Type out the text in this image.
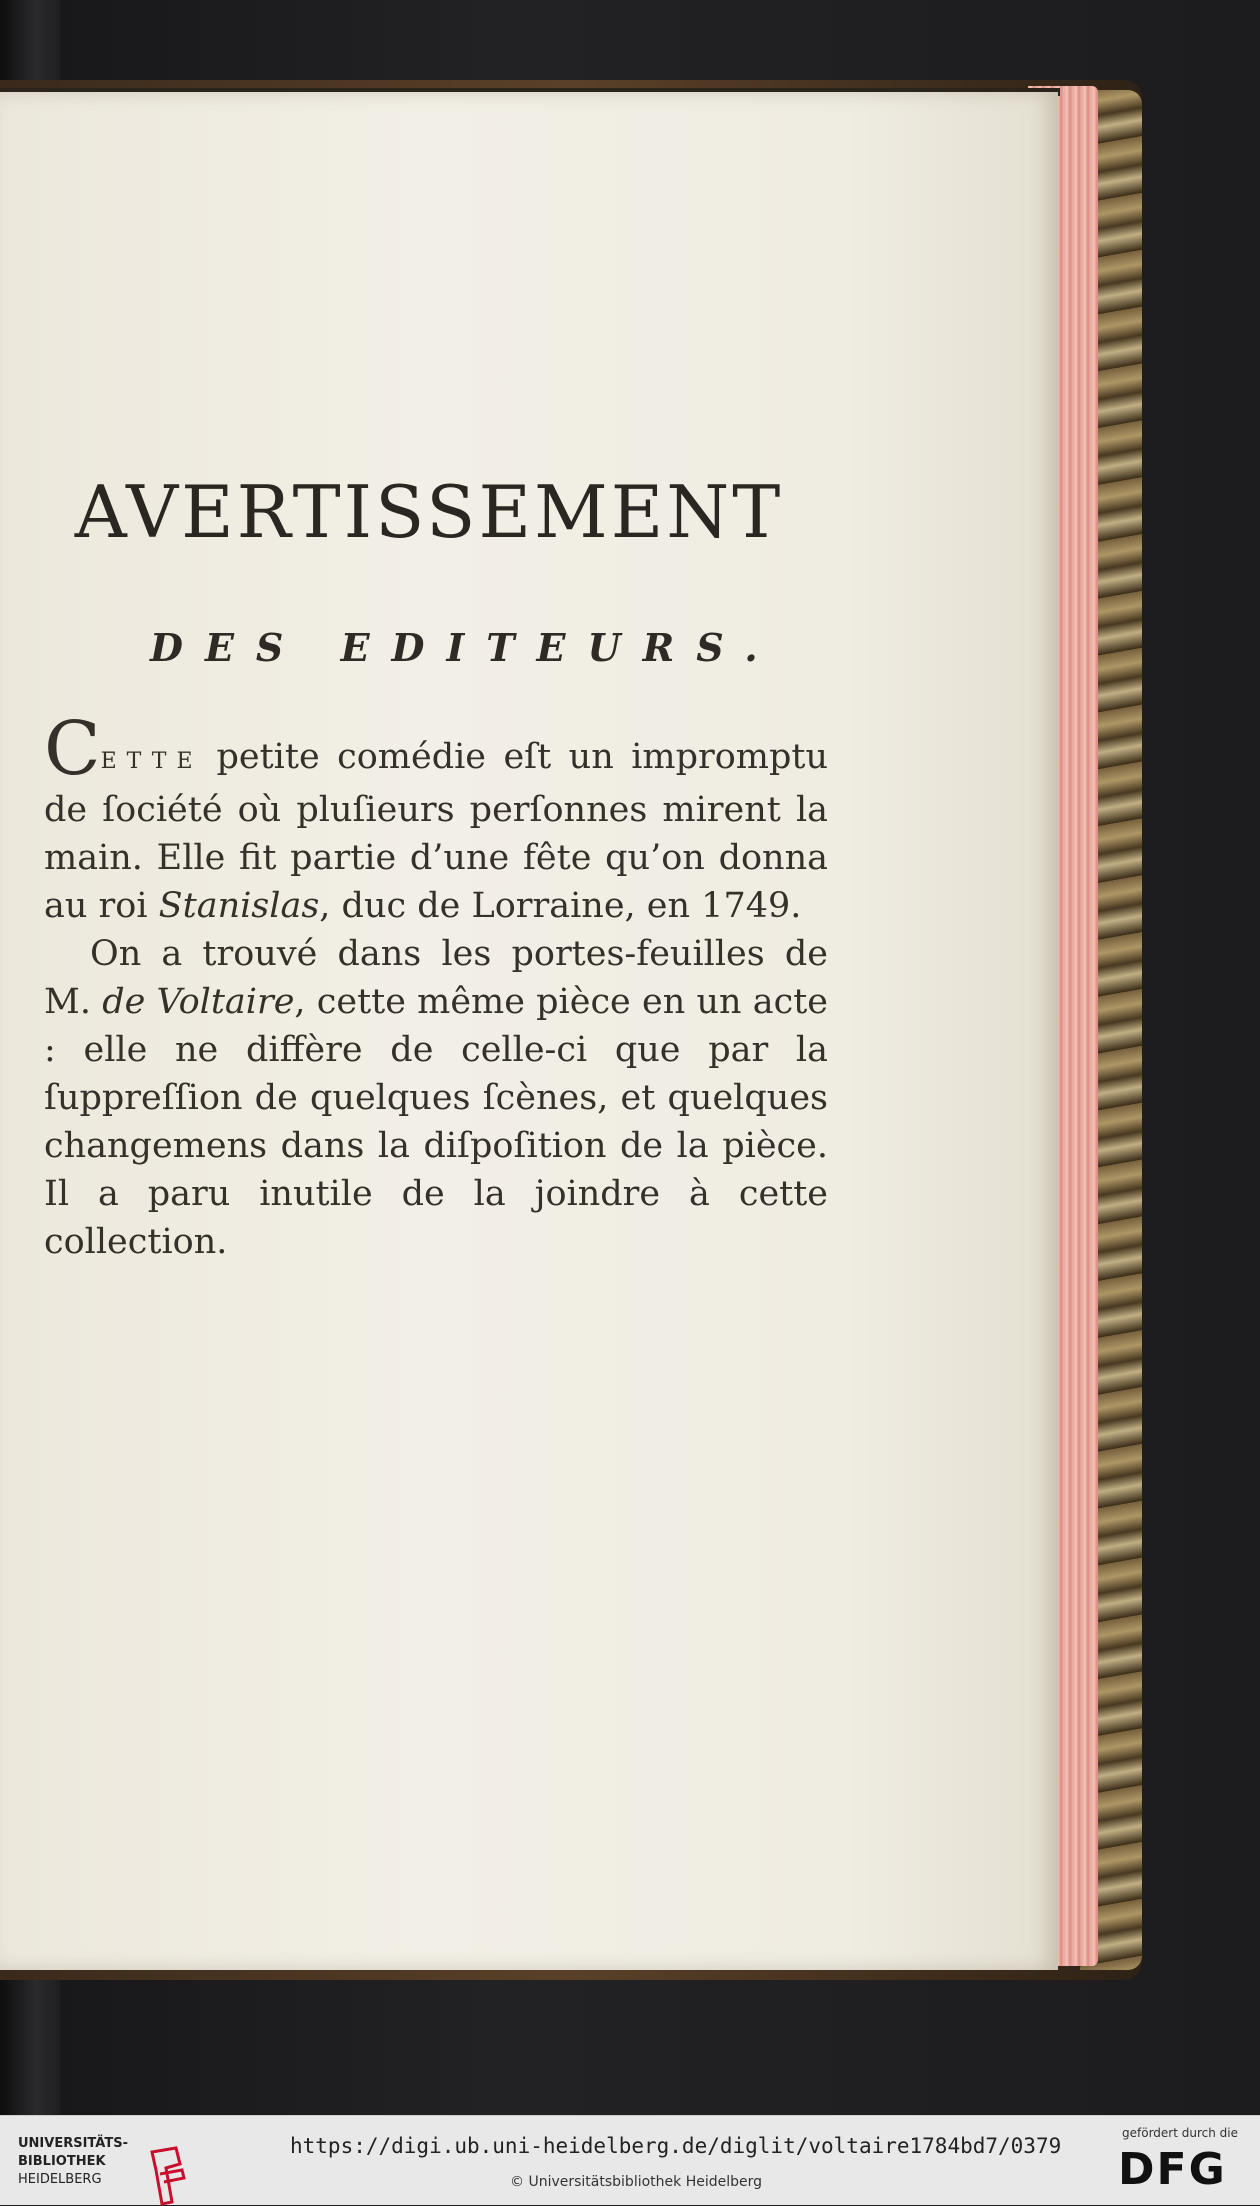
AVERTISSEMENT
DES EDITEURS.

CETTE petite comédie eſt un impromptu de ſociété où pluſieurs perſonnes mirent la main. Elle fit partie d’une fête qu’on donna au roi Stanislas, duc de Lorraine, en 1749.

On a trouvé dans les portes-feuilles de M. de Voltaire, cette même pièce en un acte : elle ne diffère de celle-ci que par la ſuppreſſion de quelques ſcènes, et quelques changemens dans la diſpoſition de la pièce. Il a paru inutile de la joindre à cette collection.

UNIVERSITÄTS-
BIBLIOTHEK
HEIDELBERG
https://digi.ub.uni-heidelberg.de/diglit/voltaire1784bd7/0379
© Universitätsbibliothek Heidelberg
gefördert durch die
DFG
